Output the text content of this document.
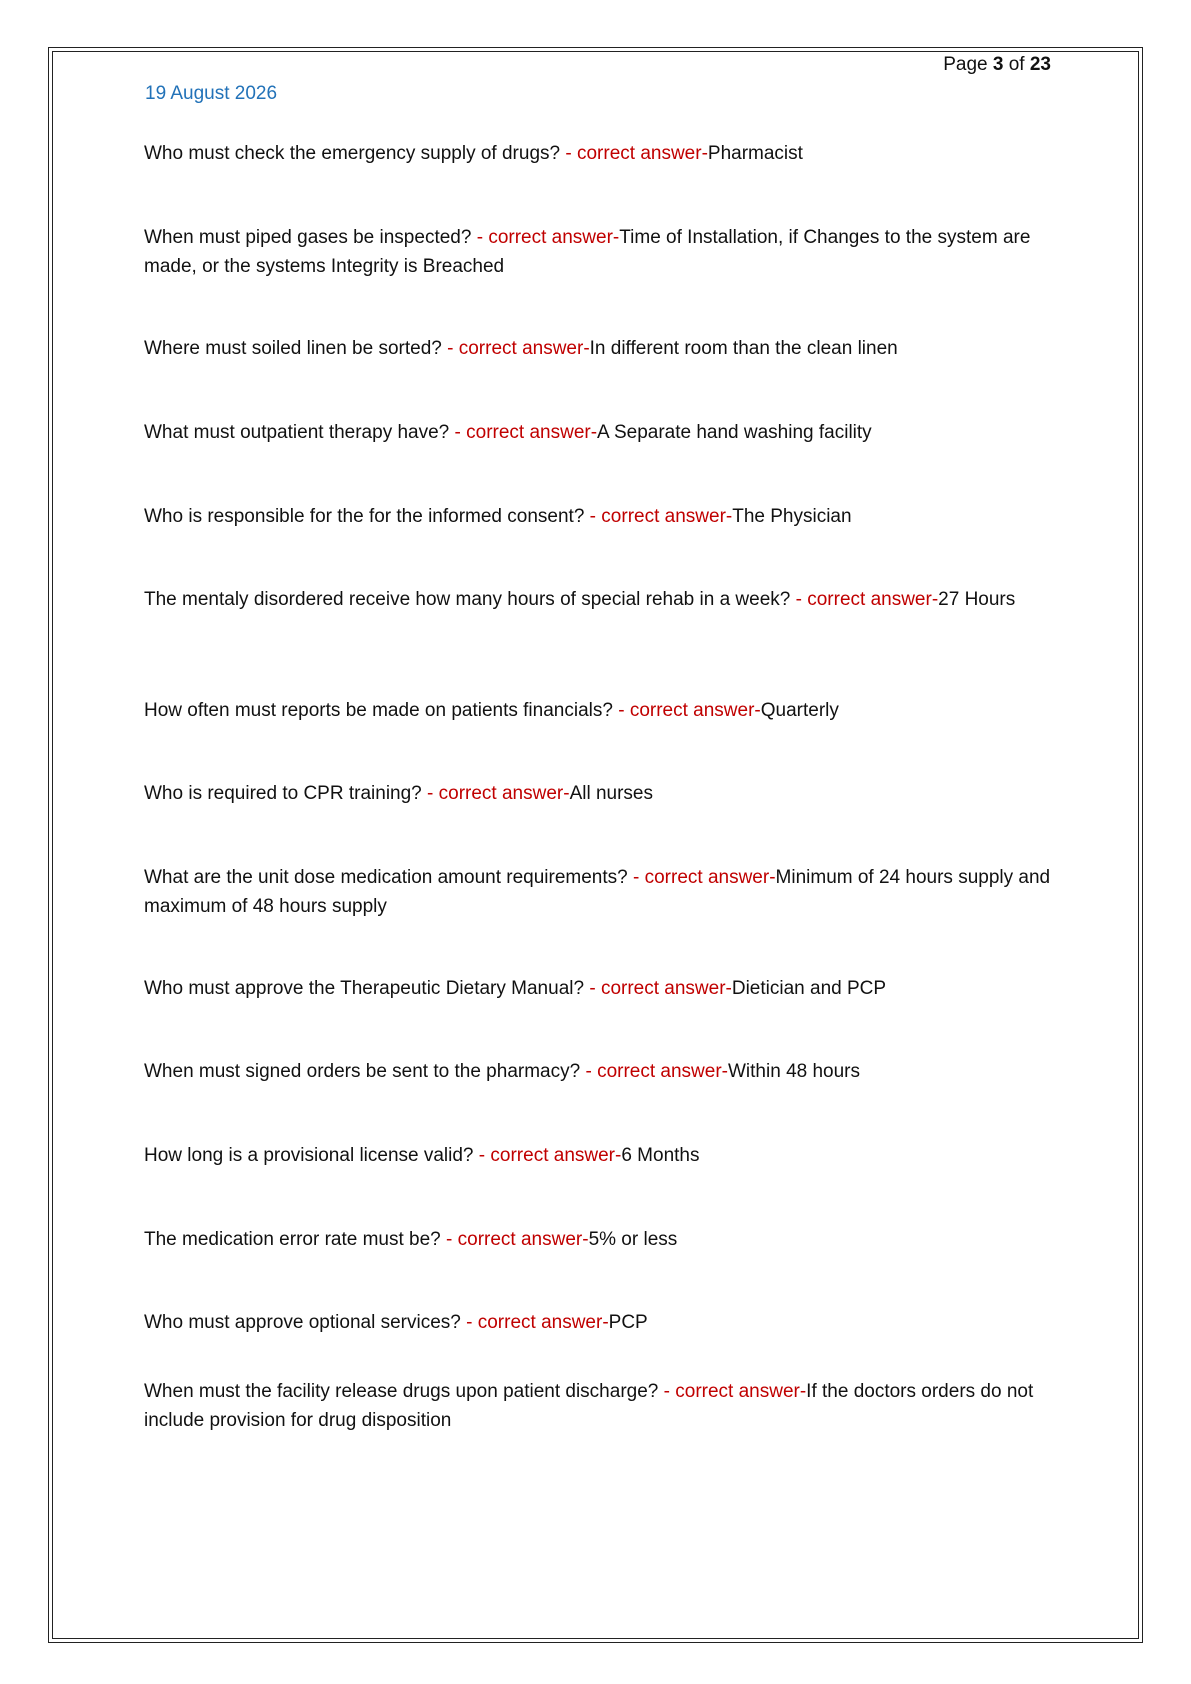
Page 3 of 23
19 August 2026

Who must check the emergency supply of drugs? - correct answer-Pharmacist

When must piped gases be inspected? - correct answer-Time of Installation, if Changes to the system are made, or the systems Integrity is Breached

Where must soiled linen be sorted? - correct answer-In different room than the clean linen

What must outpatient therapy have? - correct answer-A Separate hand washing facility

Who is responsible for the for the informed consent? - correct answer-The Physician

The mentaly disordered receive how many hours of special rehab in a week? - correct answer-27 Hours

How often must reports be made on patients financials? - correct answer-Quarterly

Who is required to CPR training? - correct answer-All nurses

What are the unit dose medication amount requirements? - correct answer-Minimum of 24 hours supply and maximum of 48 hours supply

Who must approve the Therapeutic Dietary Manual? - correct answer-Dietician and PCP

When must signed orders be sent to the pharmacy? - correct answer-Within 48 hours

How long is a provisional license valid? - correct answer-6 Months

The medication error rate must be? - correct answer-5% or less

Who must approve optional services? - correct answer-PCP

When must the facility release drugs upon patient discharge? - correct answer-If the doctors orders do not include provision for drug disposition
